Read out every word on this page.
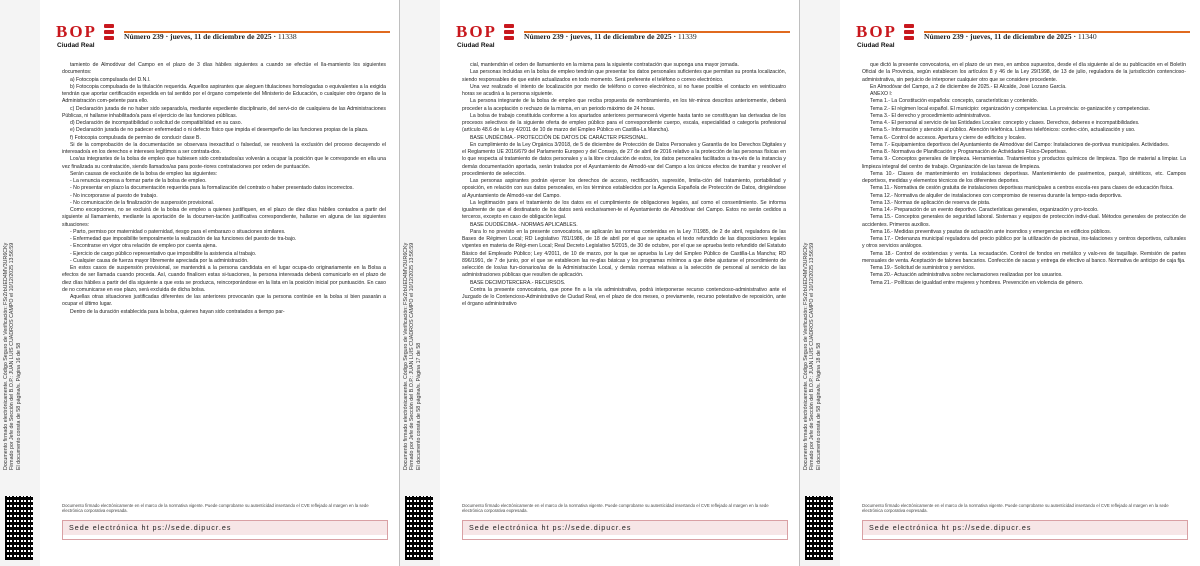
Documento firmado electrónicamente. Código Seguro de Verificación: FSrZrbUED4MV3UR6CKy Firmado por Jefe de Sección del B.O.P.: JUAN LUIS CUADROS CAMPO el 10/12/2025 13:56:59 El documento consta de 58 página/s. Página 16 de 58
BOP
Ciudad Real
Número 239 · jueves, 11 de diciembre de 2025 · 11338

tamiento de Almodóvar del Campo en el plazo de 3 días hábiles siguientes a cuando se efectúe el lla-mamiento los siguientes documentos:

a) Fotocopia compulsada del D.N.I.

b) Fotocopia compulsada de la titulación requerida. Aquellos aspirantes que aleguen titulaciones homologadas o equivalentes a la exigida tendrán que aportar certificación expedida en tal sentido por el órgano competente del Ministerio de Educación, o cualquier otro órgano de la Administración com-petente para ello.

c) Declaración jurada de no haber sido separado/a, mediante expediente disciplinario, del servi-cio de cualquiera de las Administraciones Públicas, ni hallarse inhabilitado/a para el ejercicio de las funciones públicas.

d) Declaración de incompatibilidad o solicitud de compatibilidad en su caso.

e) Declaración jurada de no padecer enfermedad o ni defecto físico que impida el desempeño de las funciones propias de la plaza.

f) Fotocopia compulsada de permiso de conducir clase B.

Si de la comprobación de la documentación se observara inexactitud o falsedad, se resolverá la exclusión del proceso decayendo el interesado/a en los derechos e intereses legítimos a ser contrata-dos.

Los/as integrantes de la bolsa de empleo que hubiesen sido contratados/as volverán a ocupar la posición que le corresponde en ella una vez finalizada su contratación, siendo llamados/as para poste-riores contrataciones por orden de puntuación.

Serán causas de exclusión de la bolsa de empleo las siguientes:

- La renuncia expresa a formar parte de la bolsa de empleo.

- No presentar en plazo la documentación requerida para la formalización del contrato o haber presentado datos incorrectos.

- No incorporarse al puesto de trabajo.

- No comunicación de la finalización de suspensión provisional.

Como excepciones, no se excluirá de la bolsa de empleo a quienes justifiquen, en el plazo de diez días hábiles contados a partir del siguiente al llamamiento, mediante la aportación de la documen-tación justificativa correspondiente, hallarse en alguna de las siguientes situaciones:

- Parto, permiso por maternidad o paternidad, riesgo para el embarazo o situaciones similares.

- Enfermedad que imposibilite temporalmente la realización de las funciones del puesto de tra-bajo.

- Encontrarse en vigor otra relación de empleo por cuenta ajena.

- Ejercicio de cargo público representativo que imposibilite la asistencia al trabajo.

- Cualquier causa de fuerza mayor libremente apreciada por la administración.

En estos casos de suspensión provisional, se mantendrá a la persona candidata en el lugar ocupa-do originariamente en la Bolsa a efectos de ser llamada cuando proceda. Así, cuando finalicen estas si-tuaciones, la persona interesada deberá comunicarlo en el plazo de diez días hábiles a partir del día siguiente a que esta se produzca, reincorporándose en la lista en la posición inicial por puntuación. En caso de no comunicarse en ese plazo, será excluida de dicha bolsa.

Aquellas otras situaciones justificadas diferentes de las anteriores provocarán que la persona continúe en la bolsa si bien pasarán a ocupar el último lugar.

Dentro de la duración establecida para la bolsa, quienes hayan sido contratados a tiempo par-

Documento firmado electrónicamente en el marco de la normativa vigente. Puede comprobarse su autenticidad insertando el CVE reflejado al margen en la sede electrónica corporativa expresada.
Sede electrónica ht ps://sede.dipucr.es
Documento firmado electrónicamente. Código Seguro de Verificación: FSrZrbUED4MV3UR6CKy Firmado por Jefe de Sección del B.O.P.: JUAN LUIS CUADROS CAMPO el 10/12/2025 13:56:59 El documento consta de 58 página/s. Página 17 de 58
BOP
Ciudad Real
Número 239 · jueves, 11 de diciembre de 2025 · 11339

cial, mantendrán el orden de llamamiento en la misma para la siguiente contratación que suponga una mayor jornada.

Las personas incluidas en la bolsa de empleo tendrán que presentar los datos personales suficientes que permitan su pronta localización, siendo responsables de que estén actualizados en todo momento. Será preferente el teléfono o correo electrónico.

Una vez realizado el intento de localización por medio de teléfono o correo electrónico, si no fuese posible el contacto en veinticuatro horas se acudirá a la persona siguiente.

La persona integrante de la bolsa de empleo que reciba propuesta de nombramiento, en los tér-minos descritos anteriormente, deberá proceder a la aceptación o rechazo de la misma, en un periodo máximo de 24 horas.

La bolsa de trabajo constituida conforme a los apartados anteriores permanecerá vigente hasta tanto se constituyan las derivadas de los procesos selectivos de la siguiente oferta de empleo público para el correspondiente cuerpo, escala, especialidad o categoría profesional (artículo 48.6 de la Ley 4/2011 de 10 de marzo del Empleo Público en Castilla-La Mancha).

BASE UNDÉCIMA.- PROTECCIÓN DE DATOS DE CARÁCTER PERSONAL.

En cumplimiento de la Ley Orgánica 3/2018, de 5 de diciembre de Protección de Datos Personales y Garantía de los Derechos Digitales y el Reglamento UE 2016/679 del Parlamento Europeo y del Consejo, de 27 de abril de 2016 relativo a la protección de las personas físicas en lo que respecta al tratamiento de datos personales y a la libre circulación de estos, los datos personales facilitados a tra-vés de la instancia y demás documentación aportada, serán tratados por el Ayuntamiento de Almodó-var del Campo a los únicos efectos de tramitar y resolver el procedimiento de selección.

Las personas aspirantes podrán ejercer los derechos de acceso, rectificación, supresión, limita-ción del tratamiento, portabilidad y oposición, en relación con sus datos personales, en los términos establecidos por la Agencia Española de Protección de Datos, dirigiéndose al Ayuntamiento de Almodó-var del Campo.

La legitimación para el tratamiento de los datos es el cumplimiento de obligaciones legales, así como el consentimiento. Se informa igualmente de que el destinatario de los datos será exclusivamen-te el Ayuntamiento de Almodóvar del Campo. Estos no serán cedidos a terceros, excepto en caso de obligación legal.

BASE DUODÉCIMA.- NORMAS APLICABLES.

Para lo no previsto en la presente convocatoria, se aplicarán las normas contenidas en la Ley 7/1985, de 2 de abril, reguladora de las Bases de Régimen Local; RD Legislativo 781/1986, de 18 de abril por el que se aprueba el texto refundido de las disposiciones legales vigentes en materia de Régi-men Local; Real Decreto Legislativo 5/2015, de 30 de octubre, por el que se aprueba texto refundido del Estatuto Básico del Empleado Público; Ley 4/2011, de 10 de marzo, por la que se aprueba la Ley del Empleo Público de Castilla-La Mancha; RD 896/1991, de 7 de junio, por el que se establecen las re-glas básicas y los programas mínimos a que debe ajustarse el procedimiento de selección de los/as fun-cionarios/as de la Administración Local, y demás normas relativas a la selección de personal al servicio de las administraciones públicas que resulten de aplicación.

BASE DECIMOTERCERA.- RECURSOS.

Contra la presente convocatoria, que pone fin a la vía administrativa, podrá interponerse recurso contencioso-administrativo ante el Juzgado de lo Contencioso-Administrativo de Ciudad Real, en el plazo de dos meses, o previamente, recurso potestativo de reposición, ante el órgano administrativo

Documento firmado electrónicamente en el marco de la normativa vigente. Puede comprobarse su autenticidad insertando el CVE reflejado al margen en la sede electrónica corporativa expresada.
Sede electrónica ht ps://sede.dipucr.es
Documento firmado electrónicamente. Código Seguro de Verificación: FSrZrbUED4MV3UR6CKy Firmado por Jefe de Sección del B.O.P.: JUAN LUIS CUADROS CAMPO el 10/12/2025 13:56:59 El documento consta de 58 página/s. Página 18 de 58
BOP
Ciudad Real
Número 239 · jueves, 11 de diciembre de 2025 · 11340

que dictó la presente convocatoria, en el plazo de un mes, en ambos supuestos, desde el día siguiente al de su publicación en el Boletín Oficial de la Provincia, según establecen los artículos 8 y 46 de la Ley 29/1998, de 13 de julio, reguladora de la jurisdicción contencioso-administrativa, sin perjuicio de interponer cualquier otro que se considere procedente.

En Almodóvar del Campo, a 2 de diciembre de 2025.- El Alcalde, José Lozano García.

ANEXO I:

Tema 1.- La Constitución española: concepto, características y contenido.

Tema 2.- El régimen local español. El municipio: organización y competencias. La provincia: or-ganización y competencias.

Tema 3.- El derecho y procedimiento administrativos.

Tema 4.- El personal al servicio de las Entidades Locales: concepto y clases. Derechos, deberes e incompatibilidades.

Tema 5.- Información y atención al público. Atención telefónica. Listines telefónicos: confec-ción, actualización y uso.

Tema 6.- Control de accesos. Apertura y cierre de edificios y locales.

Tema 7.- Equipamientos deportivos del Ayuntamiento de Almodóvar del Campo: Instalaciones de-portivas municipales. Actividades.

Tema 8.- Normativa de Planificación y Programación de Actividades Físico-Deportivas.

Tema 9.- Conceptos generales de limpieza. Herramientas. Tratamientos y productos químicos de limpieza. Tipo de material a limpiar. La limpieza integral del centro de trabajo. Organización de las tareas de limpieza.

Tema 10.- Clases de mantenimiento en instalaciones deportivas. Mantenimiento de pavimentos, parqué, sintéticos, etc. Campos deportivos, medidas y elementos técnicos de los diferentes deportes.

Tema 11.- Normativa de cesión gratuita de instalaciones deportivas municipales a centros escola-res para clases de educación física.

Tema 12.- Normativa de alquiler de instalaciones con compromiso de reserva durante la tempo-rada deportiva.

Tema 13.- Normas de aplicación de reserva de pista.

Tema 14.- Preparación de un evento deportivo. Características generales, organización y pro-tocolo.

Tema 15.- Conceptos generales de seguridad laboral. Sistemas y equipos de protección indivi-dual. Métodos generales de protección de accidentes. Primeros auxilios.

Tema 16.- Medidas preventivas y pautas de actuación ante incendios y emergencias en edificios públicos.

Tema 17.- Ordenanza municipal reguladora del precio público por la utilización de piscinas, ins-talaciones y centros deportivos, culturales y otros servicios análogos.

Tema 18.- Control de existencias y venta. La recaudación. Control de fondos en metálico y valo-res de taquillaje. Remisión de partes mensuales de venta. Aceptación de talones bancarios. Confección de sacas y entrega de efectivo al banco. Normativa de anticipo de caja fija.

Tema 19.- Solicitud de suministros y servicios.

Tema 20.- Actuación administrativa sobre reclamaciones realizadas por los usuarios.

Tema 21.- Políticas de igualdad entre mujeres y hombres. Prevención en violencia de género.

Documento firmado electrónicamente en el marco de la normativa vigente. Puede comprobarse su autenticidad insertando el CVE reflejado al margen en la sede electrónica corporativa expresada.
Sede electrónica ht ps://sede.dipucr.es
